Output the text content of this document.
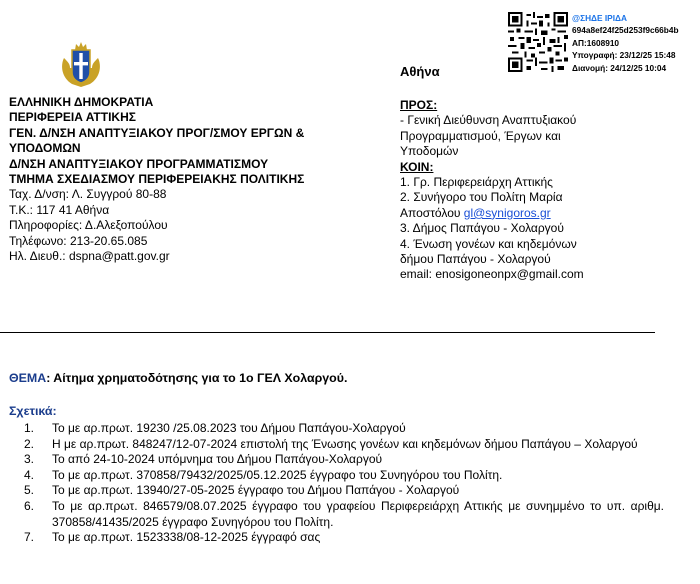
@ΣΗΔΕ ΙΡΙΔΑ
694a8ef24f25d253f9c66b4b
ΑΠ:1608910
Υπογραφή: 23/12/25 15:48
Διανομή: 24/12/25 10:04
Αθήνα
ΕΛΛΗΝΙΚΗ ΔΗΜΟΚΡΑΤΙΑ
ΠΕΡΙΦΕΡΕΙΑ ΑΤΤΙΚΗΣ
ΓΕΝ. Δ/ΝΣΗ ΑΝΑΠΤΥΞΙΑΚΟΥ ΠΡΟΓ/ΣΜΟΥ ΕΡΓΩΝ &
ΥΠΟΔΟΜΩΝ
Δ/ΝΣΗ ΑΝΑΠΤΥΞΙΑΚΟΥ ΠΡΟΓΡΑΜΜΑΤΙΣΜΟΥ
ΤΜΗΜΑ ΣΧΕΔΙΑΣΜΟΥ ΠΕΡΙΦΕΡΕΙΑΚΗΣ ΠΟΛΙΤΙΚΗΣ
Ταχ. Δ/νση: Λ. Συγγρού 80-88
Τ.Κ.: 117 41 Αθήνα
Πληροφορίες: Δ.Αλεξοπούλου
Τηλέφωνο: 213-20.65.085
Ηλ. Διευθ.: dspna@patt.gov.gr
ΠΡΟΣ:
- Γενική Διεύθυνση Αναπτυξιακού
Προγραμματισμού, Έργων και
Υποδομών
ΚΟΙΝ:
1. Γρ. Περιφερειάρχη Αττικής
2. Συνήγορο του Πολίτη Μαρία
Αποστόλου gl@synigoros.gr
3. Δήμος Παπάγου - Χολαργού
4. Ένωση γονέων και κηδεμόνων
δήμου Παπάγου - Χολαργού
email: enosigoneonpx@gmail.com
ΘΕΜΑ: Αίτημα χρηματοδότησης για το 1ο ΓΕΛ Χολαργού.
Σχετικά:
1.	Το με αρ.πρωτ. 19230 /25.08.2023 του Δήμου Παπάγου-Χολαργού
2.	Η με αρ.πρωτ. 848247/12-07-2024 επιστολή της Ένωσης γονέων και κηδεμόνων δήμου Παπάγου – Χολαργού
3.	Το από 24-10-2024 υπόμνημα του Δήμου Παπάγου-Χολαργού
4.	Το με αρ.πρωτ. 370858/79432/2025/05.12.2025 έγγραφο του Συνηγόρου του Πολίτη.
5.	Το με αρ.πρωτ. 13940/27-05-2025 έγγραφο του Δήμου Παπάγου - Χολαργού
6.	Το με αρ.πρωτ. 846579/08.07.2025 έγγραφο του γραφείου Περιφερειάρχη Αττικής με συνημμένο το υπ. αριθμ. 370858/41435/2025 έγγραφο Συνηγόρου του Πολίτη.
7.	Το με αρ.πρωτ. 1523338/08-12-2025 έγγραφό σας
